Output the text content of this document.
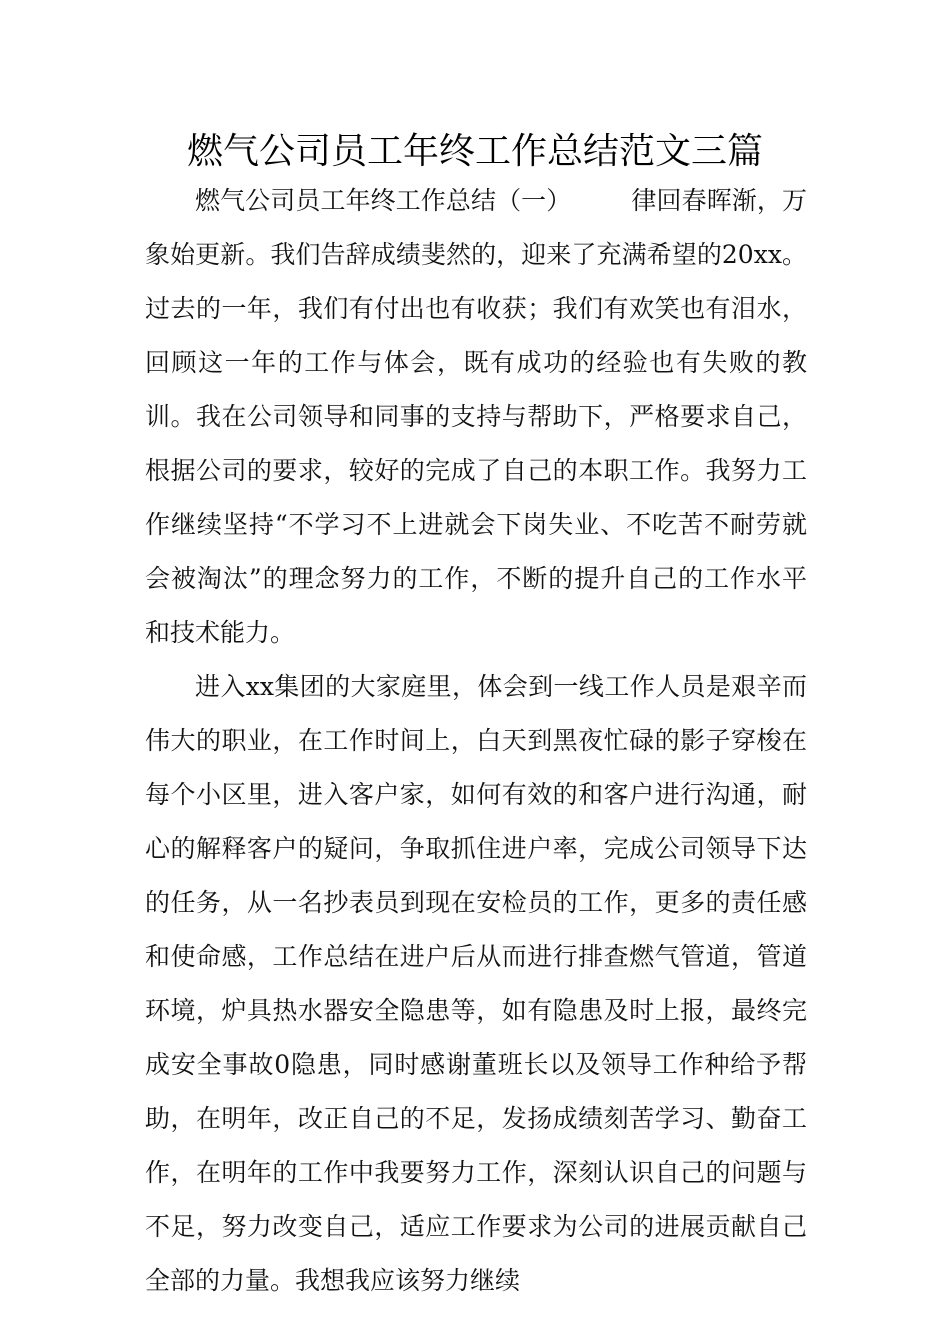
燃气公司员工年终工作总结范文三篇

燃气公司员工年终工作总结（一） 律回春晖渐，万象始更新。我们告辞成绩斐然的，迎来了充满希望的20xx。过去的一年，我们有付出也有收获；我们有欢笑也有泪水，回顾这一年的工作与体会，既有成功的经验也有失败的教训。我在公司领导和同事的支持与帮助下，严格要求自己，根据公司的要求，较好的完成了自己的本职工作。我努力工作继续坚持“不学习不上进就会下岗失业、不吃苦不耐劳就会被淘汰”的理念努力的工作，不断的提升自己的工作水平和技术能力。

进入xx集团的大家庭里，体会到一线工作人员是艰辛而伟大的职业，在工作时间上，白天到黑夜忙碌的影子穿梭在每个小区里，进入客户家，如何有效的和客户进行沟通，耐心的解释客户的疑问，争取抓住进户率，完成公司领导下达的任务，从一名抄表员到现在安检员的工作，更多的责任感和使命感，工作总结在进户后从而进行排查燃气管道，管道环境，炉具热水器安全隐患等，如有隐患及时上报，最终完成安全事故0隐患，同时感谢董班长以及领导工作种给予帮助，在明年，改正自己的不足，发扬成绩刻苦学习、勤奋工作，在明年的工作中我要努力工作，深刻认识自己的问题与不足，努力改变自己，适应工作要求为公司的进展贡献自己全部的力量。我想我应该努力继续
